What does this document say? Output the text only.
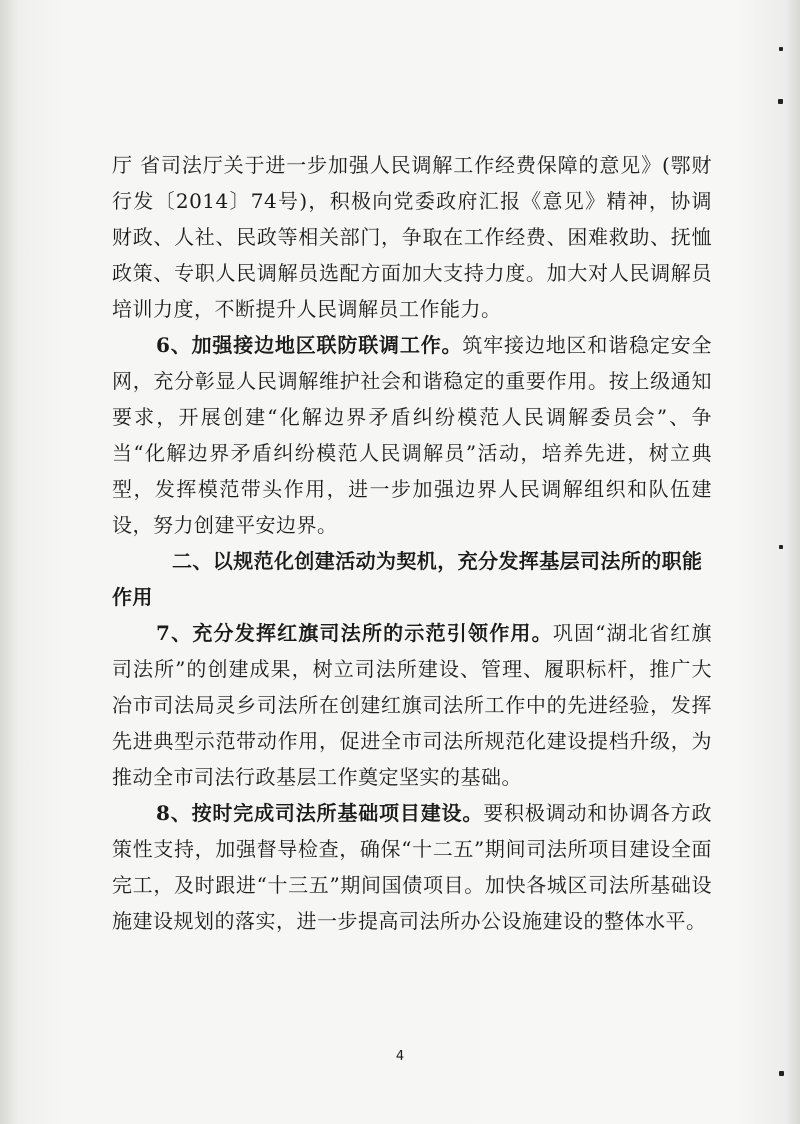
厅 省司法厅关于进一步加强人民调解工作经费保障的意见》(鄂财行发〔2014〕74号)，积极向党委政府汇报《意见》精神，协调财政、人社、民政等相关部门，争取在工作经费、困难救助、抚恤政策、专职人民调解员选配方面加大支持力度。加大对人民调解员培训力度，不断提升人民调解员工作能力。

6、加强接边地区联防联调工作。筑牢接边地区和谐稳定安全网，充分彰显人民调解维护社会和谐稳定的重要作用。按上级通知要求，开展创建“化解边界矛盾纠纷模范人民调解委员会”、争当“化解边界矛盾纠纷模范人民调解员”活动，培养先进，树立典型，发挥模范带头作用，进一步加强边界人民调解组织和队伍建设，努力创建平安边界。

二、以规范化创建活动为契机，充分发挥基层司法所的职能作用

7、充分发挥红旗司法所的示范引领作用。巩固“湖北省红旗司法所”的创建成果，树立司法所建设、管理、履职标杆，推广大冶市司法局灵乡司法所在创建红旗司法所工作中的先进经验，发挥先进典型示范带动作用，促进全市司法所规范化建设提档升级，为推动全市司法行政基层工作奠定坚实的基础。

8、按时完成司法所基础项目建设。要积极调动和协调各方政策性支持，加强督导检查，确保“十二五”期间司法所项目建设全面完工，及时跟进“十三五”期间国债项目。加快各城区司法所基础设施建设规划的落实，进一步提高司法所办公设施建设的整体水平。

4
